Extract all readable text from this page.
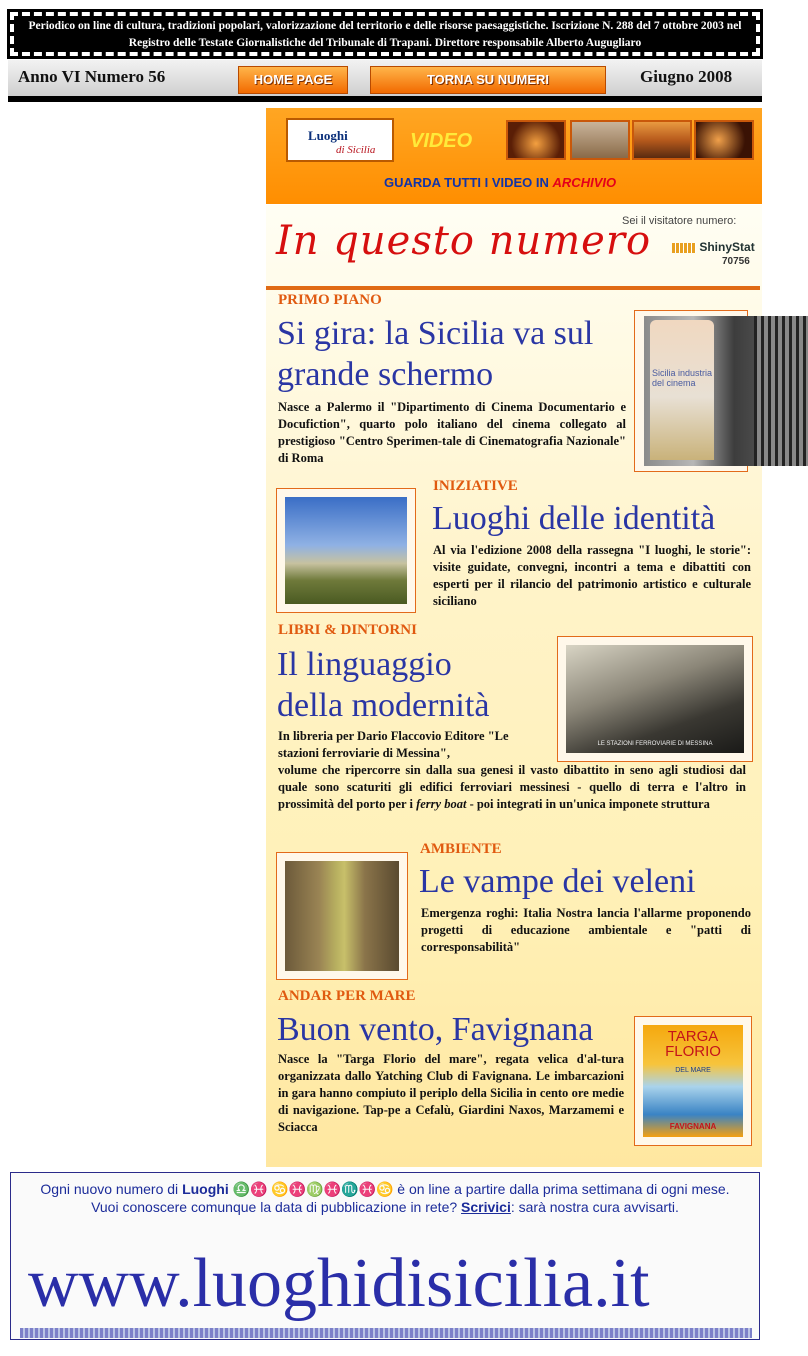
Periodico on line di cultura, tradizioni popolari, valorizzazione del territorio e delle risorse paesaggistiche. Iscrizione N. 288 del 7 ottobre 2003 nel Registro delle Testate Giornalistiche del Tribunale di Trapani. Direttore responsabile Alberto Augugliaro
Anno VI Numero 56	HOME PAGE	TORNA SU NUMERI	Giugno 2008
Luoghi
di Sicilia VIDEO
GUARDA TUTTI I VIDEO IN ARCHIVIO
In questo numero
Sei il visitatore numero:
ShinyStat
70756
PRIMO PIANO
Si gira: la Sicilia va sul grande schermo
Nasce a Palermo il "Dipartimento di Cinema Documentario e Docufiction", quarto polo italiano del cinema collegato al prestigioso "Centro Sperimen-tale di Cinematografia Nazionale" di Roma
Sicilia industria del cinema
INIZIATIVE
Luoghi delle identità
Al via l'edizione 2008 della rassegna "I luoghi, le storie": visite guidate, convegni, incontri a tema e dibattiti con esperti per il rilancio del patrimonio artistico e culturale siciliano
LIBRI & DINTORNI
Il linguaggio
della modernità
In libreria per Dario Flaccovio Editore "Le stazioni ferroviarie di Messina",
volume che ripercorre sin dalla sua genesi il vasto dibattito in seno agli studiosi dal quale sono scaturiti gli edifici ferroviari messinesi - quello di terra e l'altro in prossimità del porto per i ferry boat - poi integrati in un'unica imponete struttura
LE STAZIONI FERROVIARIE DI MESSINA
AMBIENTE
Le vampe dei veleni
Emergenza roghi: Italia Nostra lancia l'allarme proponendo progetti di educazione ambientale e "patti di corresponsabilità"
ANDAR PER MARE
Buon vento, Favignana
Nasce la "Targa Florio del mare", regata velica d'al-tura organizzata dallo Yatching Club di Favignana. Le imbarcazioni in gara hanno compiuto il periplo della Sicilia in cento ore medie di navigazione. Tap-pe a Cefalù, Giardini Naxos, Marzamemi e Sciacca
TARGA FLORIO
DEL MARE
FAVIGNANA
Ogni nuovo numero di Luoghi ♎♓ ♋♓♍♓♏♓♋ è on line a partire dalla prima settimana di ogni mese.
Vuoi conoscere comunque la data di pubblicazione in rete? Scrivici: sarà nostra cura avvisarti.
www.luoghidisicilia.it
